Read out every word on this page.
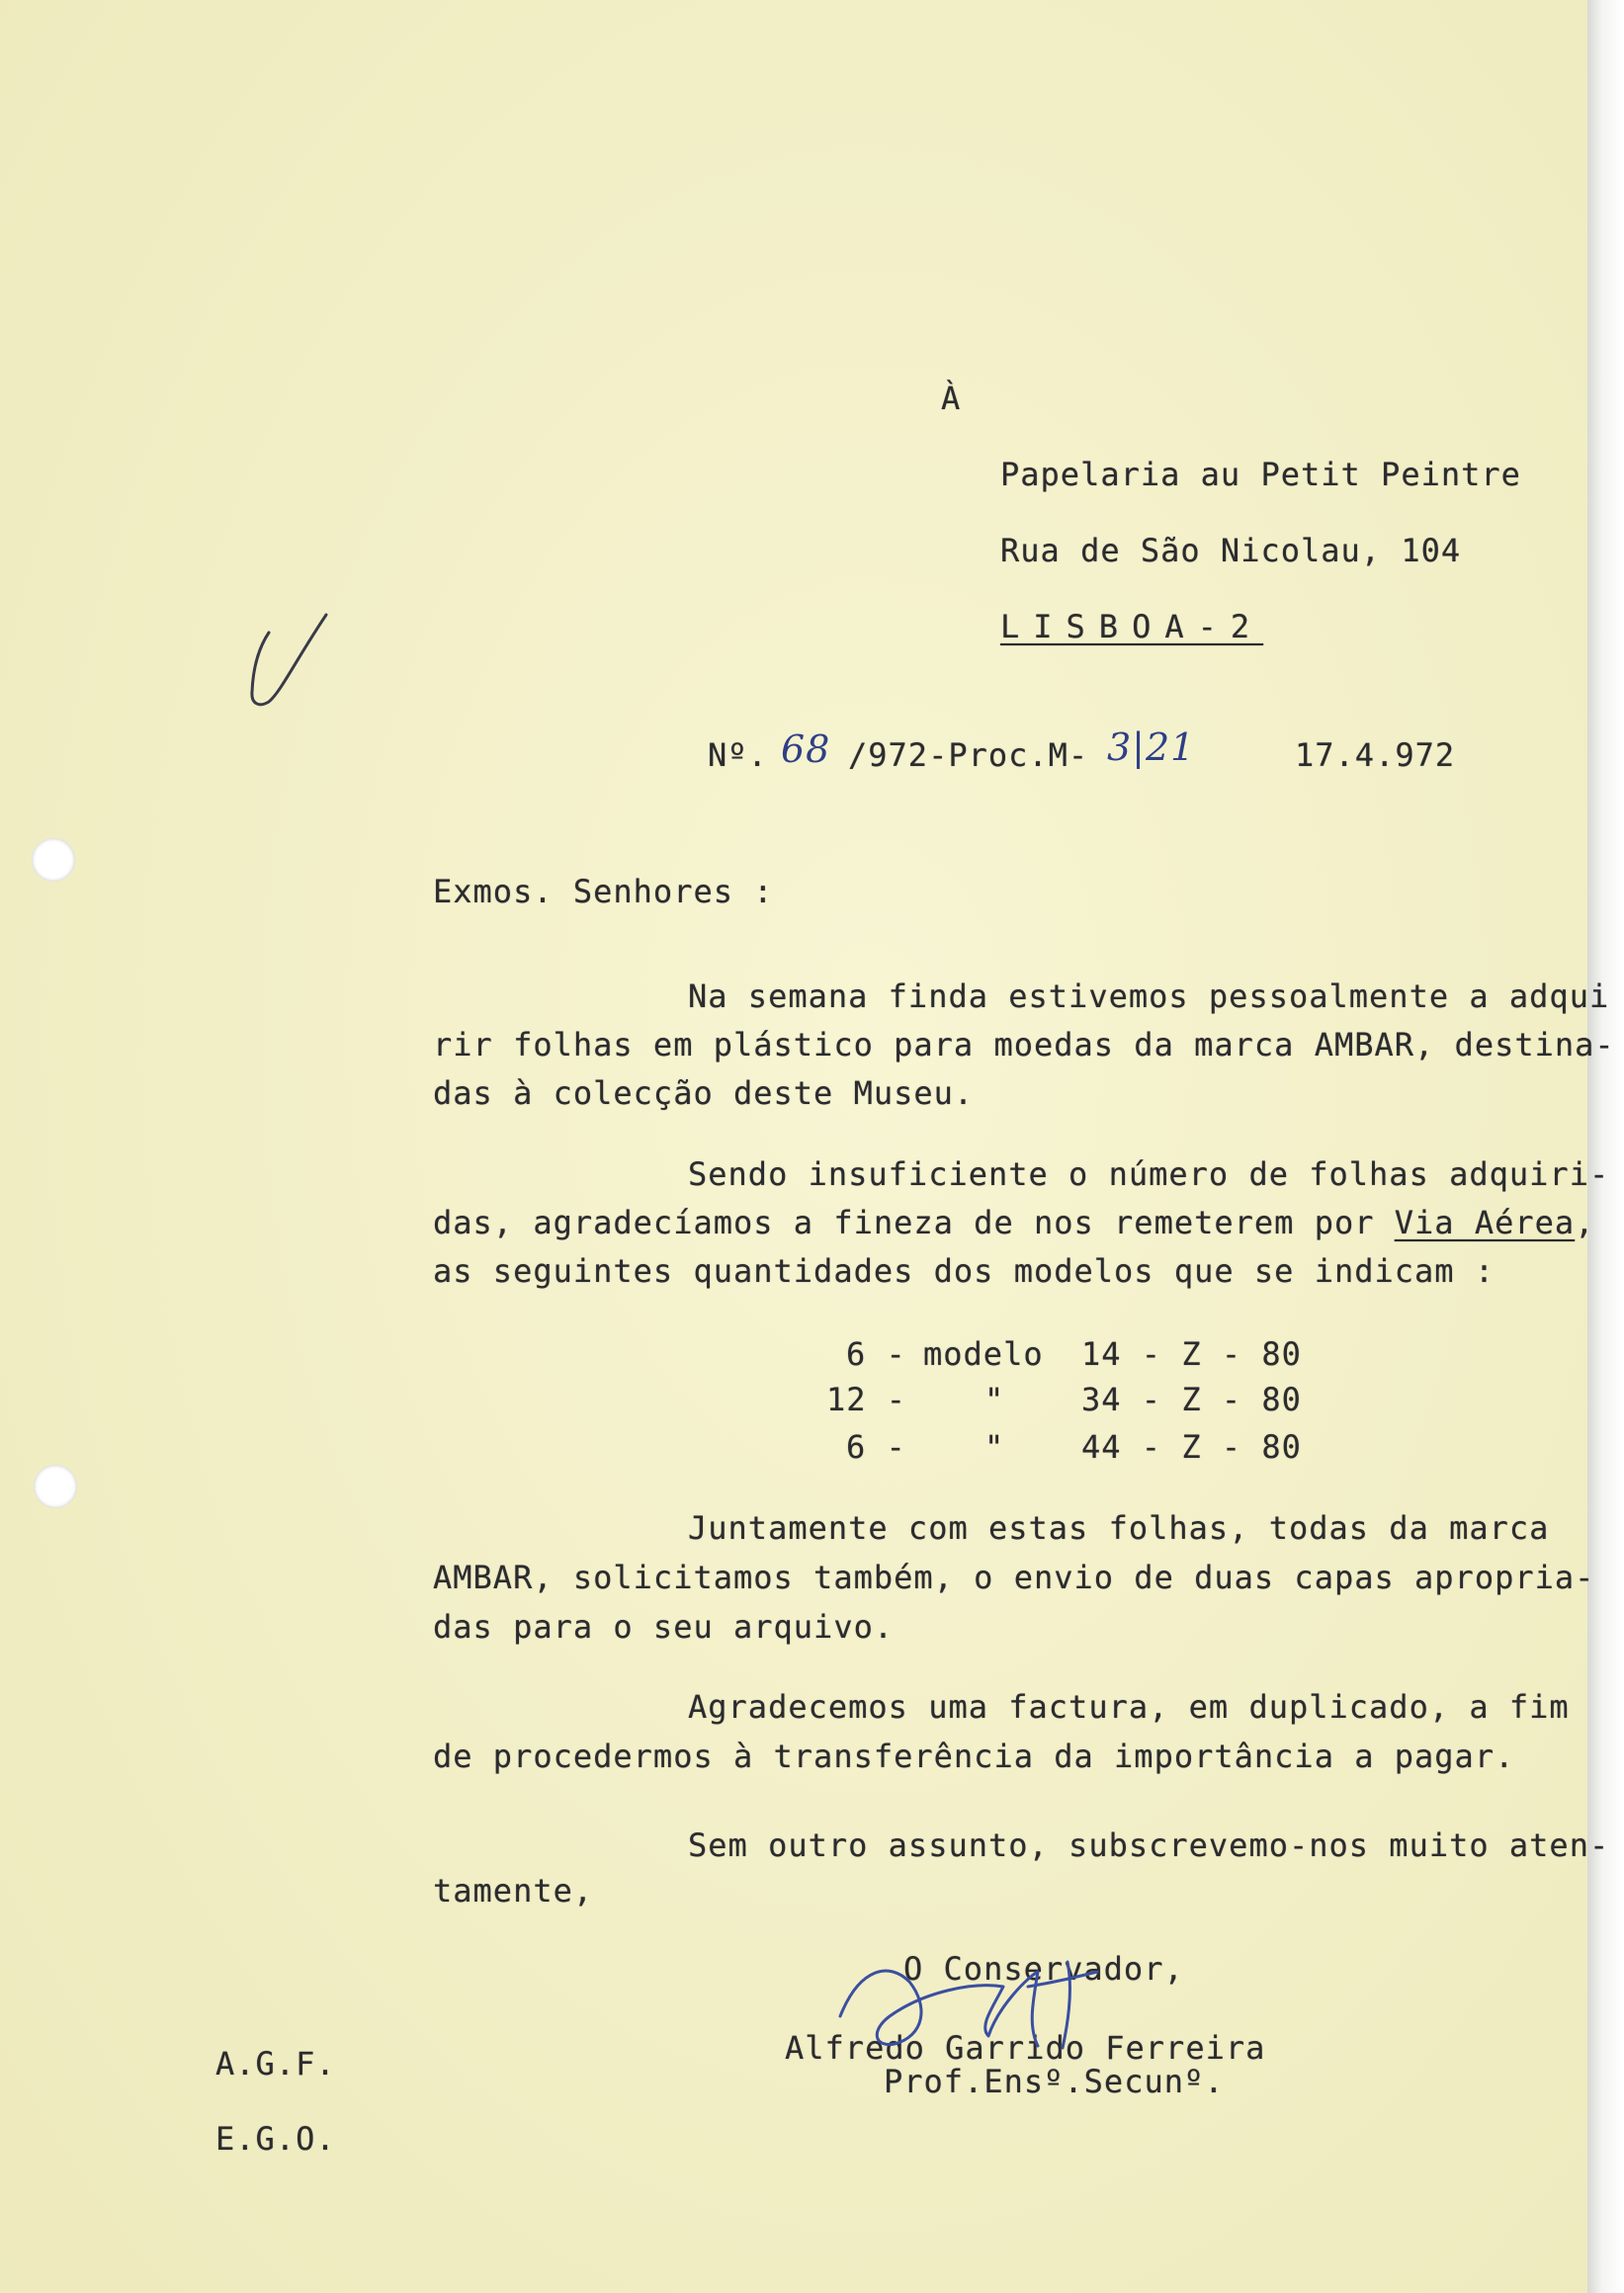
À
Papelaria au Petit Peintre
Rua de São Nicolau, 104
LISBOA-2
Nº. 68 /972-Proc.M- 3|21	17.4.972
Exmos. Senhores :
Na semana finda estivemos pessoalmente a adqui
rir folhas em plástico para moedas da marca AMBAR, destina-
das à colecção deste Museu.
Sendo insuficiente o número de folhas adquiri-
das, agradecíamos a fineza de nos remeterem por Via Aérea,
as seguintes quantidades dos modelos que se indicam :
6 - modelo 14 - Z - 80
12 - " 34 - Z - 80
6 - " 44 - Z - 80
Juntamente com estas folhas, todas da marca
AMBAR, solicitamos também, o envio de duas capas apropria-
das para o seu arquivo.
Agradecemos uma factura, em duplicado, a fim
de procedermos à transferência da importância a pagar.
Sem outro assunto, subscrevemo-nos muito aten-
tamente,
O Conservador,
Alfredo Garrido Ferreira
Prof.Ensº.Secunº.
A.G.F.
E.G.O.
